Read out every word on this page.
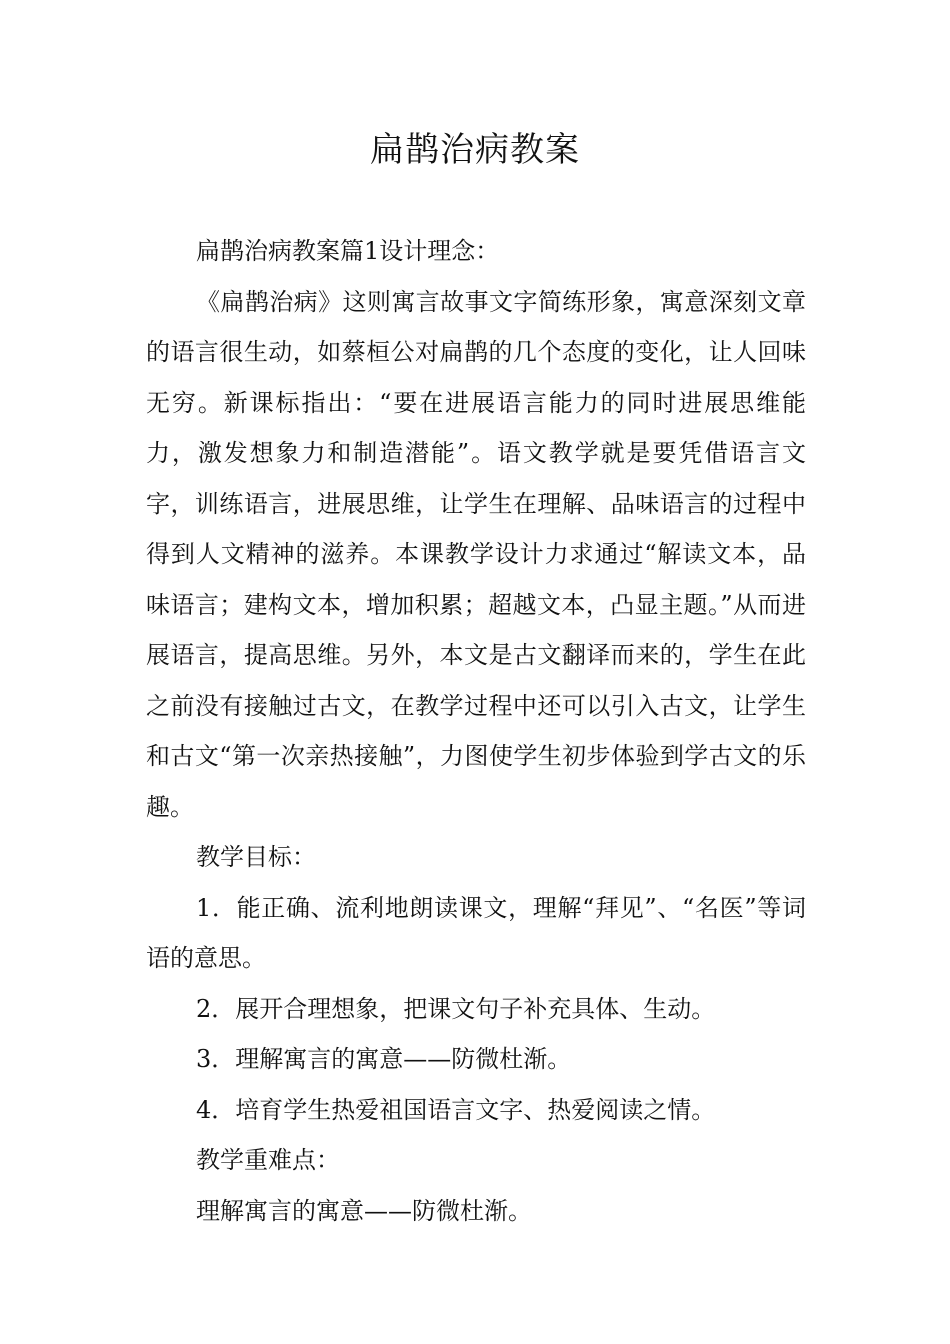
扁鹊治病教案

扁鹊治病教案篇1设计理念：

《扁鹊治病》这则寓言故事文字简练形象，寓意深刻文章的语言很生动，如蔡桓公对扁鹊的几个态度的变化，让人回味无穷。新课标指出：“要在进展语言能力的同时进展思维能力，激发想象力和制造潜能”。语文教学就是要凭借语言文字，训练语言，进展思维，让学生在理解、品味语言的过程中得到人文精神的滋养。本课教学设计力求通过“解读文本，品味语言；建构文本，增加积累；超越文本，凸显主题。”从而进展语言，提高思维。另外，本文是古文翻译而来的，学生在此之前没有接触过古文，在教学过程中还可以引入古文，让学生和古文“第一次亲热接触”，力图使学生初步体验到学古文的乐趣。

教学目标：

1．能正确、流利地朗读课文，理解“拜见”、“名医”等词语的意思。

2．展开合理想象，把课文句子补充具体、生动。

3．理解寓言的寓意——防微杜渐。

4．培育学生热爱祖国语言文字、热爱阅读之情。

教学重难点：

理解寓言的寓意——防微杜渐。
